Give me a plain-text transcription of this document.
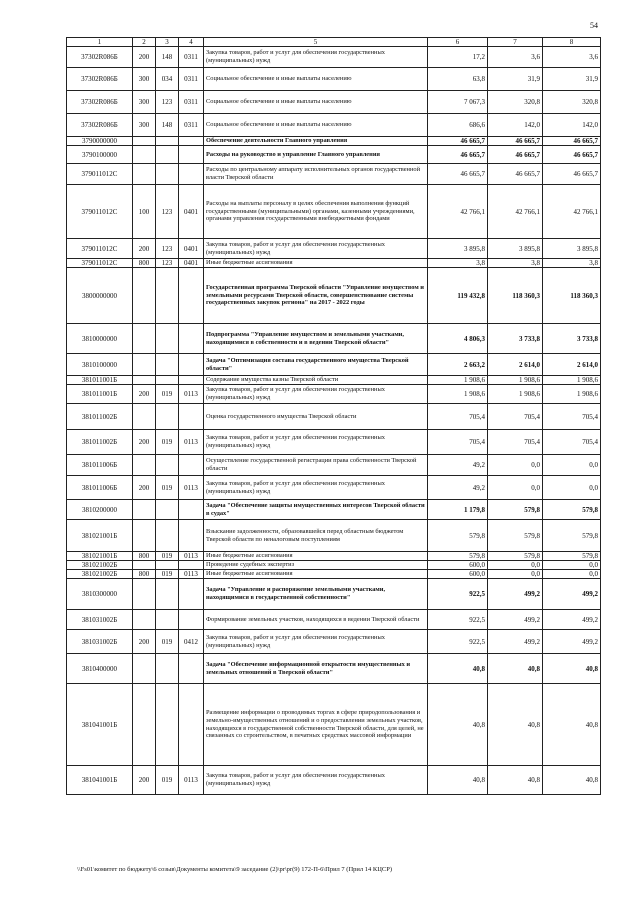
54
1	2	3	4	5	6	7	8
37302R086Б	200	148	0311	Закупка товаров, работ и услуг для обеспечения государственных (муниципальных) нужд	17,2	3,6	3,6
37302R086Б	300	034	0311	Социальное обеспечение и иные выплаты населению	63,8	31,9	31,9
37302R086Б	300	123	0311	Социальное обеспечение и иные выплаты населению	7 067,3	320,8	320,8
37302R086Б	300	148	0311	Социальное обеспечение и иные выплаты населению	686,6	142,0	142,0
3790000000				Обеспечение деятельности Главного управления	46 665,7	46 665,7	46 665,7
3790100000				Расходы на руководство и управление Главного управления	46 665,7	46 665,7	46 665,7
379011012С				Расходы по центральному аппарату исполнительных органов государственной власти Тверской области	46 665,7	46 665,7	46 665,7
379011012С	100	123	0401	Расходы на выплаты персоналу в целях обеспечения выполнения функций государственными (муниципальными) органами, казенными учреждениями, органами управления государственными внебюджетными фондами	42 766,1	42 766,1	42 766,1
379011012С	200	123	0401	Закупка товаров, работ и услуг для обеспечения государственных (муниципальных) нужд	3 895,8	3 895,8	3 895,8
379011012С	800	123	0401	Иные бюджетные ассигнования	3,8	3,8	3,8
3800000000				Государственная программа Тверской области "Управление имуществом и земельными ресурсами Тверской области, совершенствование системы государственных закупок региона" на 2017 - 2022 годы	119 432,8	118 360,3	118 360,3
3810000000				Подпрограмма "Управление имуществом и земельными участками, находящимися в собственности и в ведении Тверской области"	4 806,3	3 733,8	3 733,8
3810100000				Задача "Оптимизация состава государственного имущества Тверской области"	2 663,2	2 614,0	2 614,0
381011001Б				Содержание имущества казны Тверской области	1 908,6	1 908,6	1 908,6
381011001Б	200	019	0113	Закупка товаров, работ и услуг для обеспечения государственных (муниципальных) нужд	1 908,6	1 908,6	1 908,6
381011002Б				Оценка государственного имущества Тверской области	705,4	705,4	705,4
381011002Б	200	019	0113	Закупка товаров, работ и услуг для обеспечения государственных (муниципальных) нужд	705,4	705,4	705,4
381011006Б				Осуществление государственной регистрации права собственности Тверской области	49,2	0,0	0,0
381011006Б	200	019	0113	Закупка товаров, работ и услуг для обеспечения государственных (муниципальных) нужд	49,2	0,0	0,0
3810200000				Задача "Обеспечение защиты имущественных интересов Тверской области в судах"	1 179,8	579,8	579,8
381021001Б				Взыскание задолженности, образовавшейся перед областным бюджетом Тверской области по неналоговым поступлениям	579,8	579,8	579,8
381021001Б	800	019	0113	Иные бюджетные ассигнования	579,8	579,8	579,8
381021002Б				Проведение судебных экспертиз	600,0	0,0	0,0
381021002Б	800	019	0113	Иные бюджетные ассигнования	600,0	0,0	0,0
3810300000				Задача "Управление и распоряжение земельными участками, находящимися в государственной собственности"	922,5	499,2	499,2
381031002Б				Формирование земельных участков, находящихся в ведении Тверской области	922,5	499,2	499,2
381031002Б	200	019	0412	Закупка товаров, работ и услуг для обеспечения государственных (муниципальных) нужд	922,5	499,2	499,2
3810400000				Задача "Обеспечение информационной открытости имущественных и земельных отношений в Тверской области"	40,8	40,8	40,8
381041001Б				Размещение информации о проводимых торгах в сфере природопользования и земельно-имущественных отношений и о предоставлении земельных участков, находящихся в государственной собственности Тверской области, для целей, не связанных со строительством, в печатных средствах массовой информации	40,8	40,8	40,8
381041001Б	200	019	0113	Закупка товаров, работ и услуг для обеспечения государственных (муниципальных) нужд	40,8	40,8	40,8
\\Fs01\комитет по бюджету\6 созыв\Документы комитета\9 заседание (2)\pr\pr(9) 172-П-6\Прил 7 (Прил 14 КЦСР)
